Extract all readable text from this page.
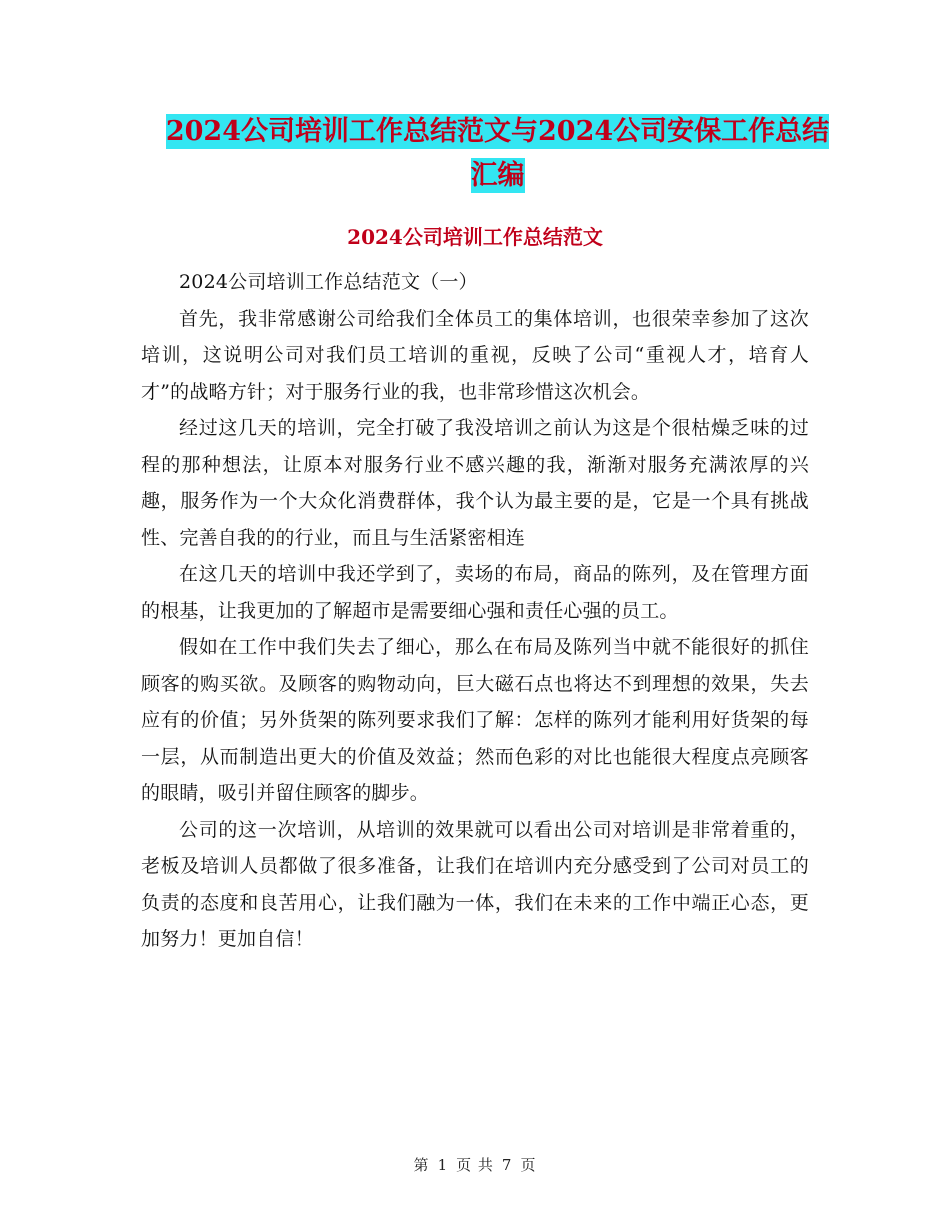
2024公司培训工作总结范文与2024公司安保工作总结
汇编
2024公司培训工作总结范文

2024公司培训工作总结范文（一）

首先，我非常感谢公司给我们全体员工的集体培训，也很荣幸参加了这次培训，这说明公司对我们员工培训的重视，反映了公司“重视人才，培育人才”的战略方针；对于服务行业的我，也非常珍惜这次机会。

经过这几天的培训，完全打破了我没培训之前认为这是个很枯燥乏味的过程的那种想法，让原本对服务行业不感兴趣的我，渐渐对服务充满浓厚的兴趣，服务作为一个大众化消费群体，我个认为最主要的是，它是一个具有挑战性、完善自我的的行业，而且与生活紧密相连

在这几天的培训中我还学到了，卖场的布局，商品的陈列，及在管理方面的根基，让我更加的了解超市是需要细心强和责任心强的员工。

假如在工作中我们失去了细心，那么在布局及陈列当中就不能很好的抓住顾客的购买欲。及顾客的购物动向，巨大磁石点也将达不到理想的效果，失去应有的价值；另外货架的陈列要求我们了解：怎样的陈列才能利用好货架的每一层，从而制造出更大的价值及效益；然而色彩的对比也能很大程度点亮顾客的眼睛，吸引并留住顾客的脚步。

公司的这一次培训，从培训的效果就可以看出公司对培训是非常着重的，老板及培训人员都做了很多准备，让我们在培训内充分感受到了公司对员工的负责的态度和良苦用心，让我们融为一体，我们在未来的工作中端正心态，更加努力！更加自信！

第 1 页 共 7 页
